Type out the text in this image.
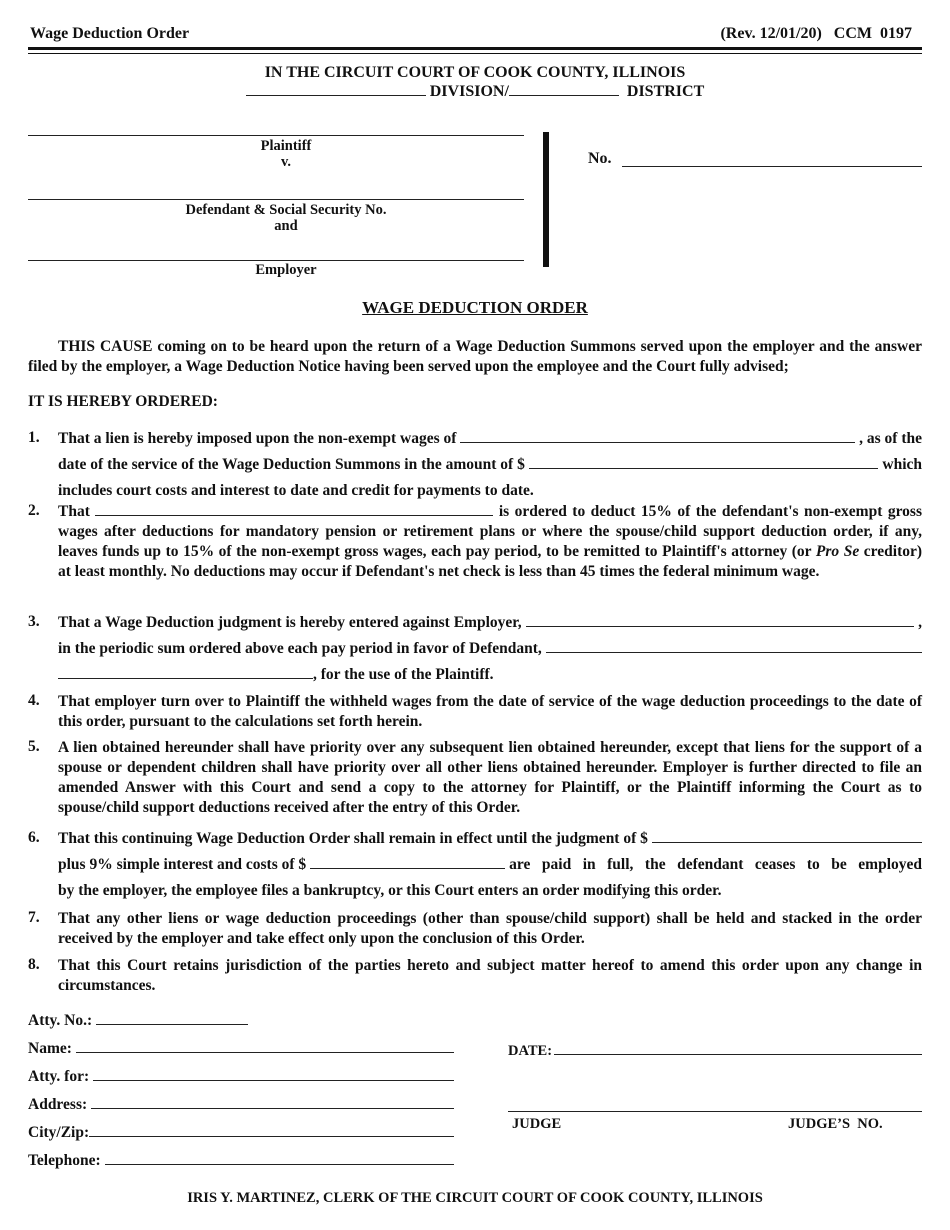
Wage Deduction Order	(Rev. 12/01/20)   CCM  0197
IN THE CIRCUIT COURT OF COOK COUNTY, ILLINOIS
DIVISION/	DISTRICT
Plaintiff
v.
Defendant & Social Security No.
and
Employer
No.
WAGE DEDUCTION ORDER
THIS CAUSE coming on to be heard upon the return of a Wage Deduction Summons served upon the employer and the answer filed by the employer, a Wage Deduction Notice having been served upon the employee and the Court fully advised;
IT IS HEREBY ORDERED:
1. That a lien is hereby imposed upon the non-exempt wages of	, as of the
date of the service of the Wage Deduction Summons in the amount of $	which
includes court costs and interest to date and credit for payments to date.
2. That	is ordered to deduct 15% of the defendant's non-exempt gross wages after deductions for mandatory pension or retirement plans or where the spouse/child support deduction order, if any, leaves funds up to 15% of the non-exempt gross wages, each pay period, to be remitted to Plaintiff's attorney (or Pro Se creditor) at least monthly. No deductions may occur if Defendant's net check is less than 45 times the federal minimum wage.
3. That a Wage Deduction judgment is hereby entered against Employer,	,
in the periodic sum ordered above each pay period in favor of Defendant,
, for the use of the Plaintiff.
4. That employer turn over to Plaintiff the withheld wages from the date of service of the wage deduction proceedings to the date of this order, pursuant to the calculations set forth herein.
5. A lien obtained hereunder shall have priority over any subsequent lien obtained hereunder, except that liens for the support of a spouse or dependent children shall have priority over all other liens obtained hereunder. Employer is further directed to file an amended Answer with this Court and send a copy to the attorney for Plaintiff, or the Plaintiff informing the Court as to spouse/child support deductions received after the entry of this Order.
6. That this continuing Wage Deduction Order shall remain in effect until the judgment of $
plus 9% simple interest and costs of $	are paid in full, the defendant ceases to be employed
by the employer, the employee files a bankruptcy, or this Court enters an order modifying this order.
7. That any other liens or wage deduction proceedings (other than spouse/child support) shall be held and stacked in the order received by the employer and take effect only upon the conclusion of this Order.
8. That this Court retains jurisdiction of the parties hereto and subject matter hereof to amend this order upon any change in circumstances.
Atty. No.:
Name:
Atty. for:
Address:
City/Zip:
Telephone:
DATE:
JUDGE	JUDGE’S  NO.
IRIS Y. MARTINEZ, CLERK OF THE CIRCUIT COURT OF COOK COUNTY, ILLINOIS
